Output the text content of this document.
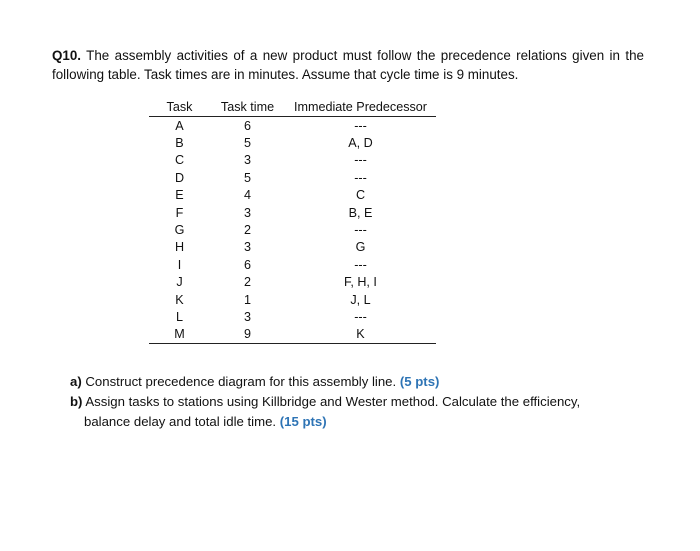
Q10. The assembly activities of a new product must follow the precedence relations given in the following table. Task times are in minutes. Assume that cycle time is 9 minutes.
Task	Task time	Immediate Predecessor
A	6	---
B	5	A, D
C	3	---
D	5	---
E	4	C
F	3	B, E
G	2	---
H	3	G
I	6	---
J	2	F, H, I
K	1	J, L
L	3	---
M	9	K
a) Construct precedence diagram for this assembly line. (5 pts)
b) Assign tasks to stations using Killbridge and Wester method. Calculate the efficiency, balance delay and total idle time. (15 pts)
